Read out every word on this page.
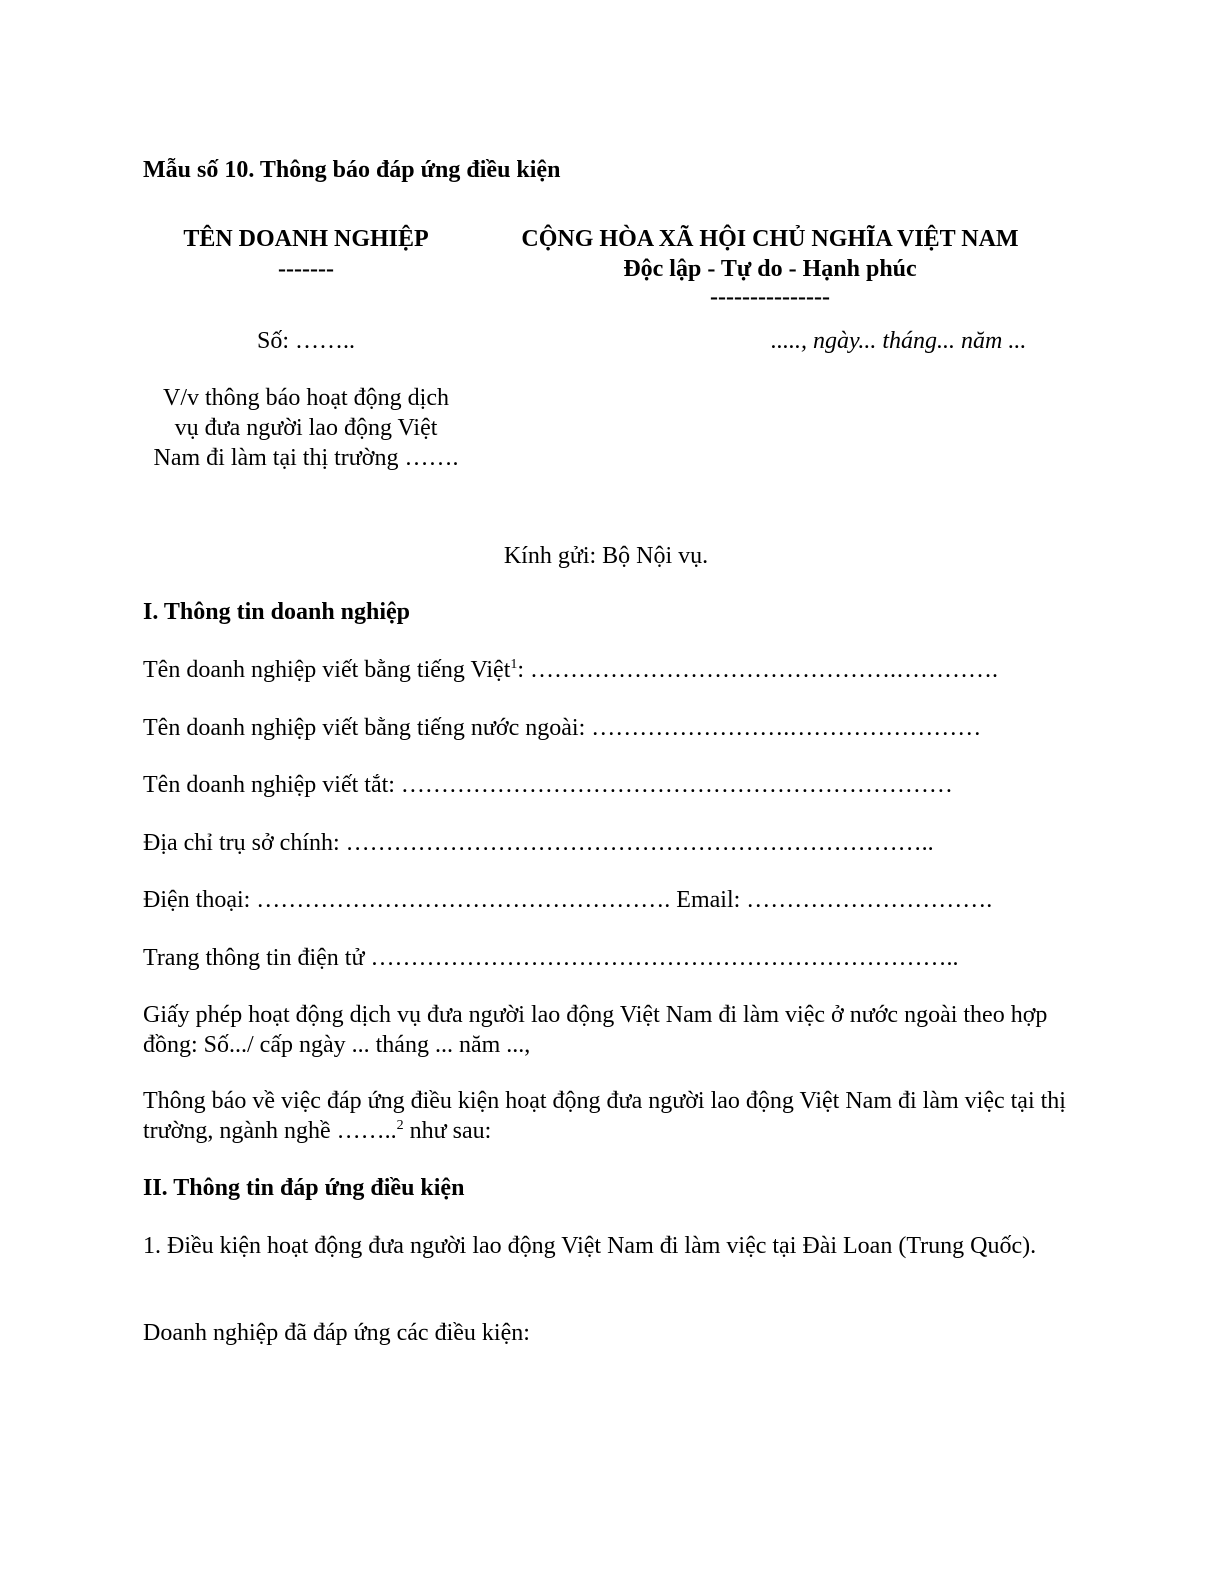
Mẫu số 10. Thông báo đáp ứng điều kiện
TÊN DOANH NGHIỆP
-------
CỘNG HÒA XÃ HỘI CHỦ NGHĨA VIỆT NAM
Độc lập - Tự do - Hạnh phúc
---------------
Số: ……..	....., ngày... tháng... năm ...
V/v thông báo hoạt động dịch
vụ đưa người lao động Việt
Nam đi làm tại thị trường …….
Kính gửi: Bộ Nội vụ.
I. Thông tin doanh nghiệp
Tên doanh nghiệp viết bằng tiếng Việt$^1$: ……………………………………….………….
Tên doanh nghiệp viết bằng tiếng nước ngoài: …………………….……………………
Tên doanh nghiệp viết tắt: ……………………………………………………………
Địa chỉ trụ sở chính: ………………………………………………………………..
Điện thoại: ……………………………………………. Email: ………………………….
Trang thông tin điện tử ………………………………………………………………..
Giấy phép hoạt động dịch vụ đưa người lao động Việt Nam đi làm việc ở nước ngoài theo hợp đồng: Số.../ cấp ngày ... tháng ... năm ...,
Thông báo về việc đáp ứng điều kiện hoạt động đưa người lao động Việt Nam đi làm việc tại thị trường, ngành nghề ……..$^2$ như sau:
II. Thông tin đáp ứng điều kiện
1. Điều kiện hoạt động đưa người lao động Việt Nam đi làm việc tại Đài Loan (Trung Quốc).
Doanh nghiệp đã đáp ứng các điều kiện:
